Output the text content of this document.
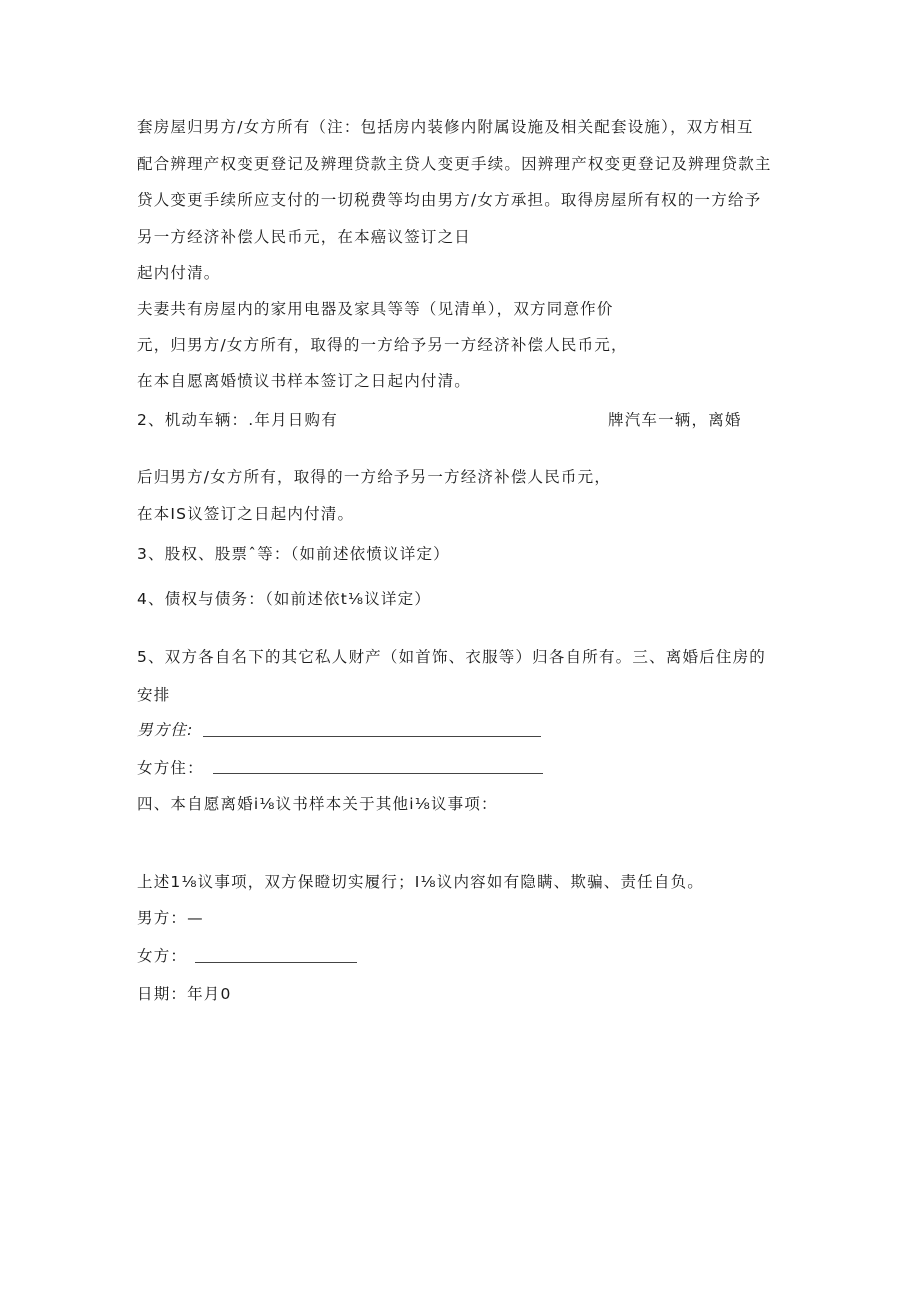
套房屋归男方/女方所有（注：包括房内装修内附属设施及相关配套设施），双方相互
配合辨理产权变更登记及辨理贷款主贷人变更手续。因辨理产权变更登记及辨理贷款主
贷人变更手续所应支付的一切税费等均由男方/女方承担。取得房屋所有权的一方给予
另一方经济补偿人民币元，在本癌议签订之日
起内付清。
夫妻共有房屋内的家用电器及家具等等（见清单），双方同意作价
元，归男方/女方所有，取得的一方给予另一方经济补偿人民币元，
在本自愿离婚愤议书样本签订之日起内付清。
2、机动车辆：.年月日购有	牌汽车一辆，离婚
后归男方/女方所有，取得的一方给予另一方经济补偿人民币元，
在本IS议签订之日起内付清。
3、股权、股票ˆ等：（如前述依愤议详定）
4、债权与债务：（如前述依t⅛议详定）
5、双方各自名下的其它私人财产（如首饰、衣服等）归各自所有。三、离婚后住房的
安排
男方住:
女方住：
四、本自愿离婚i⅛议书样本关于其他i⅛议事项：
上述1⅛议事项，双方保瞪切实履行；I⅛议内容如有隐瞒、欺骗、责任自负。
男方：—
女方：
日期：年月0
